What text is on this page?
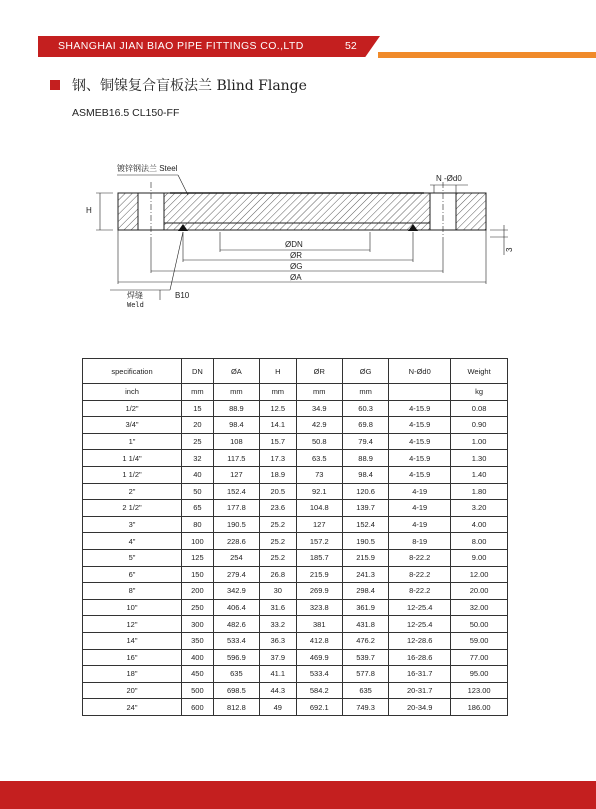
SHANGHAI JIAN BIAO PIPE FITTINGS CO.,LTD	52
钢、铜镍复合盲板法兰 Blind Flange
ASMEB16.5 CL150-FF
H
3
镀锌钢法兰 Steel
N -Ød0
ØDN
ØR
ØG
ØA
焊缝
Weld
B10
specification	DN	ØA	H	ØR	ØG	N-Ød0	Weight
inch	mm	mm	mm	mm	mm		kg
1/2"	15	88.9	12.5	34.9	60.3	4-15.9	0.08
3/4"	20	98.4	14.1	42.9	69.8	4-15.9	0.90
1"	25	108	15.7	50.8	79.4	4-15.9	1.00
1 1/4"	32	117.5	17.3	63.5	88.9	4-15.9	1.30
1 1/2"	40	127	18.9	73	98.4	4-15.9	1.40
2"	50	152.4	20.5	92.1	120.6	4-19	1.80
2 1/2"	65	177.8	23.6	104.8	139.7	4-19	3.20
3"	80	190.5	25.2	127	152.4	4-19	4.00
4"	100	228.6	25.2	157.2	190.5	8-19	8.00
5"	125	254	25.2	185.7	215.9	8-22.2	9.00
6"	150	279.4	26.8	215.9	241.3	8-22.2	12.00
8"	200	342.9	30	269.9	298.4	8-22.2	20.00
10"	250	406.4	31.6	323.8	361.9	12-25.4	32.00
12"	300	482.6	33.2	381	431.8	12-25.4	50.00
14"	350	533.4	36.3	412.8	476.2	12-28.6	59.00
16"	400	596.9	37.9	469.9	539.7	16-28.6	77.00
18"	450	635	41.1	533.4	577.8	16-31.7	95.00
20"	500	698.5	44.3	584.2	635	20-31.7	123.00
24"	600	812.8	49	692.1	749.3	20-34.9	186.00
